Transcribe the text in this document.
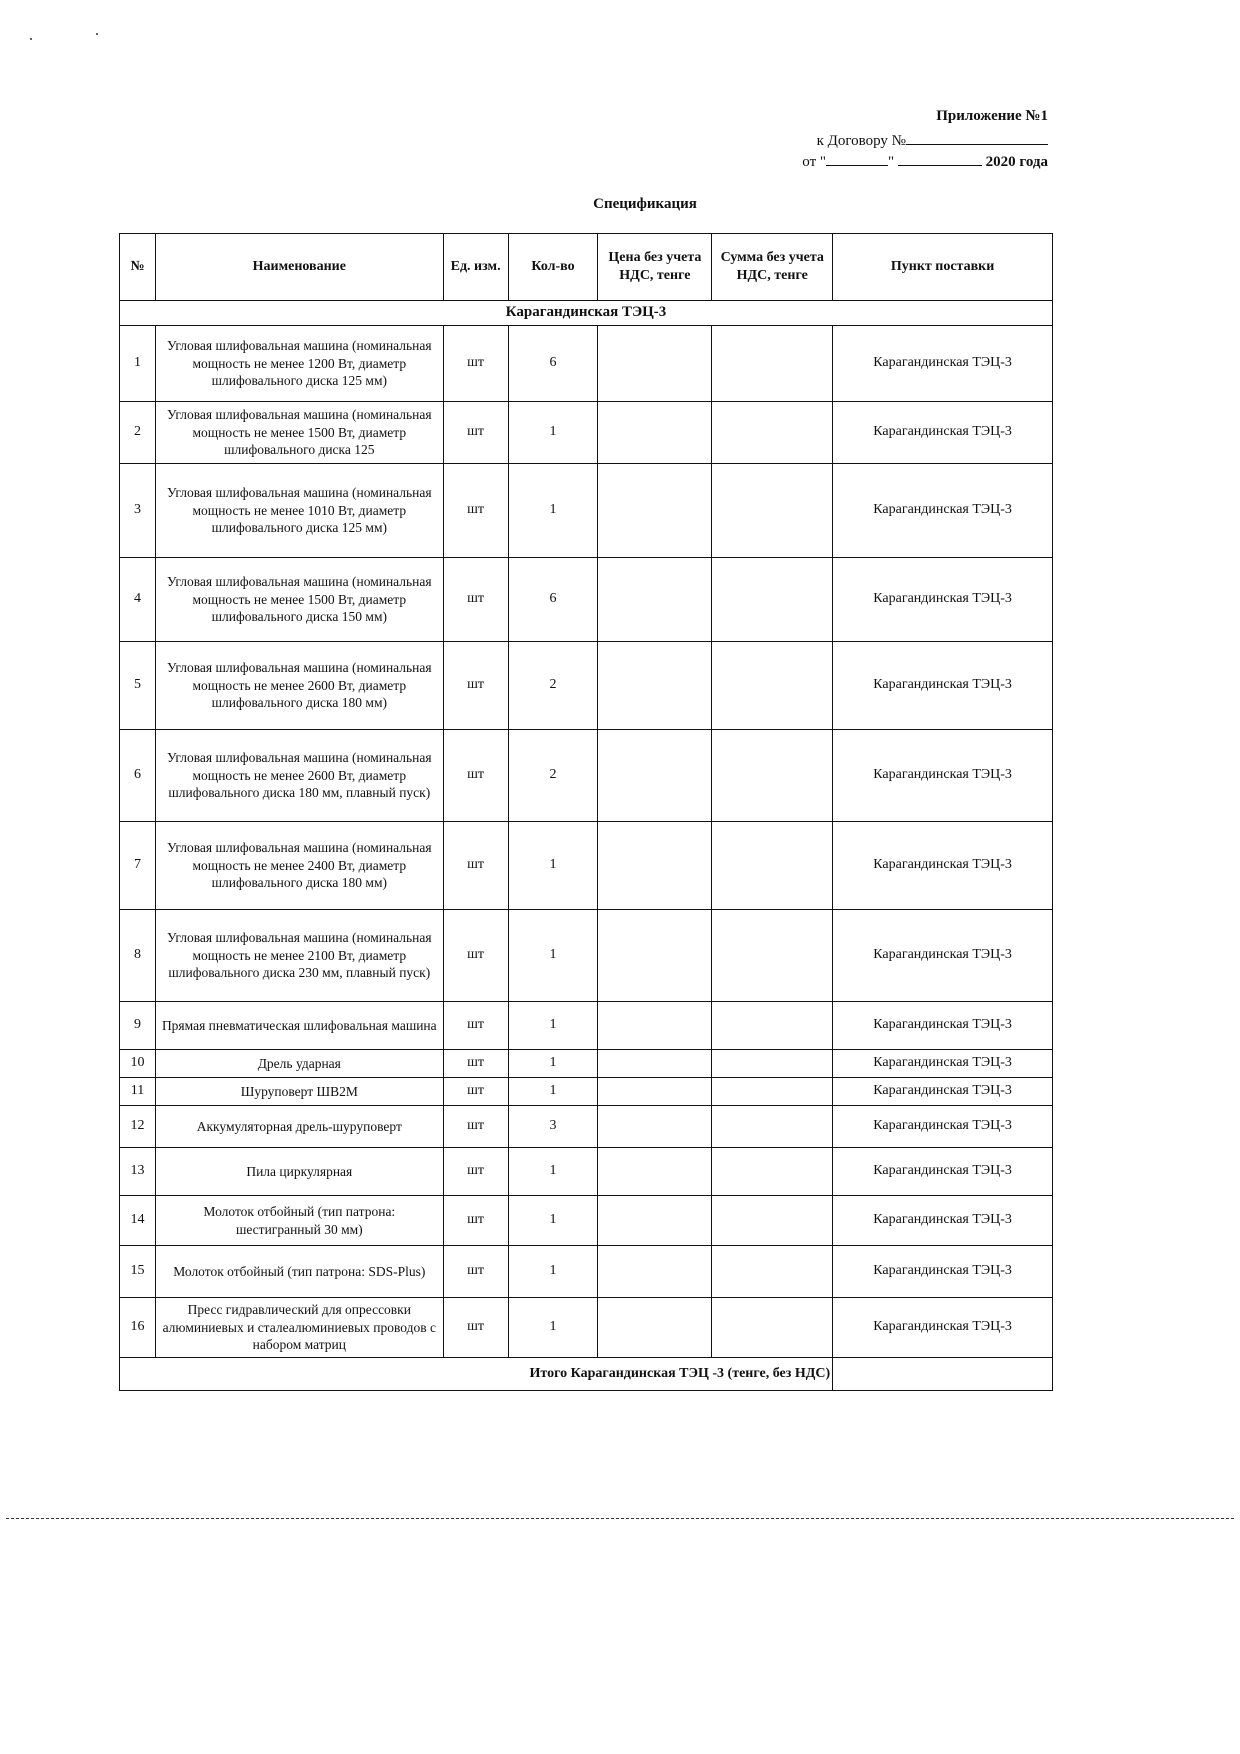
Приложение №1
к Договору №
от "	"	2020 года
Спецификация
№	Наименование	Ед. изм.	Кол-во	Цена без учета НДС, тенге	Сумма без учета НДС, тенге	Пункт поставки
Карагандинская ТЭЦ-3						
1	Угловая шлифовальная машина (номинальная мощность не менее 1200 Вт, диаметр шлифовального диска 125 мм)	шт	6			Карагандинская ТЭЦ-3
2	Угловая шлифовальная машина (номинальная мощность не менее 1500 Вт, диаметр шлифовального диска 125	шт	1			Карагандинская ТЭЦ-3
3	Угловая шлифовальная машина (номинальная мощность не менее 1010 Вт, диаметр шлифовального диска 125 мм)	шт	1			Карагандинская ТЭЦ-3
4	Угловая шлифовальная машина (номинальная мощность не менее 1500 Вт, диаметр шлифовального диска 150 мм)	шт	6			Карагандинская ТЭЦ-3
5	Угловая шлифовальная машина (номинальная мощность не менее 2600 Вт, диаметр шлифовального диска 180 мм)	шт	2			Карагандинская ТЭЦ-3
6	Угловая шлифовальная машина (номинальная мощность не менее 2600 Вт, диаметр шлифовального диска 180 мм, плавный пуск)	шт	2			Карагандинская ТЭЦ-3
7	Угловая шлифовальная машина (номинальная мощность не менее 2400 Вт, диаметр шлифовального диска 180 мм)	шт	1			Карагандинская ТЭЦ-3
8	Угловая шлифовальная машина (номинальная мощность не менее 2100 Вт, диаметр шлифовального диска 230 мм, плавный пуск)	шт	1			Карагандинская ТЭЦ-3
9	Прямая пневматическая шлифовальная машина	шт	1			Карагандинская ТЭЦ-3
10	Дрель ударная	шт	1			Карагандинская ТЭЦ-3
11	Шуруповерт ШВ2М	шт	1			Карагандинская ТЭЦ-3
12	Аккумуляторная дрель-шуруповерт	шт	3			Карагандинская ТЭЦ-3
13	Пила циркулярная	шт	1			Карагандинская ТЭЦ-3
14	Молоток отбойный (тип патрона: шестигранный 30 мм)	шт	1			Карагандинская ТЭЦ-3
15	Молоток отбойный (тип патрона: SDS-Plus)	шт	1			Карагандинская ТЭЦ-3
16	Пресс гидравлический для опрессовки алюминиевых и сталеалюминиевых проводов с набором матриц	шт	1			Карагандинская ТЭЦ-3
Итого Карагандинская ТЭЦ -3 (тенге, без НДС)						
